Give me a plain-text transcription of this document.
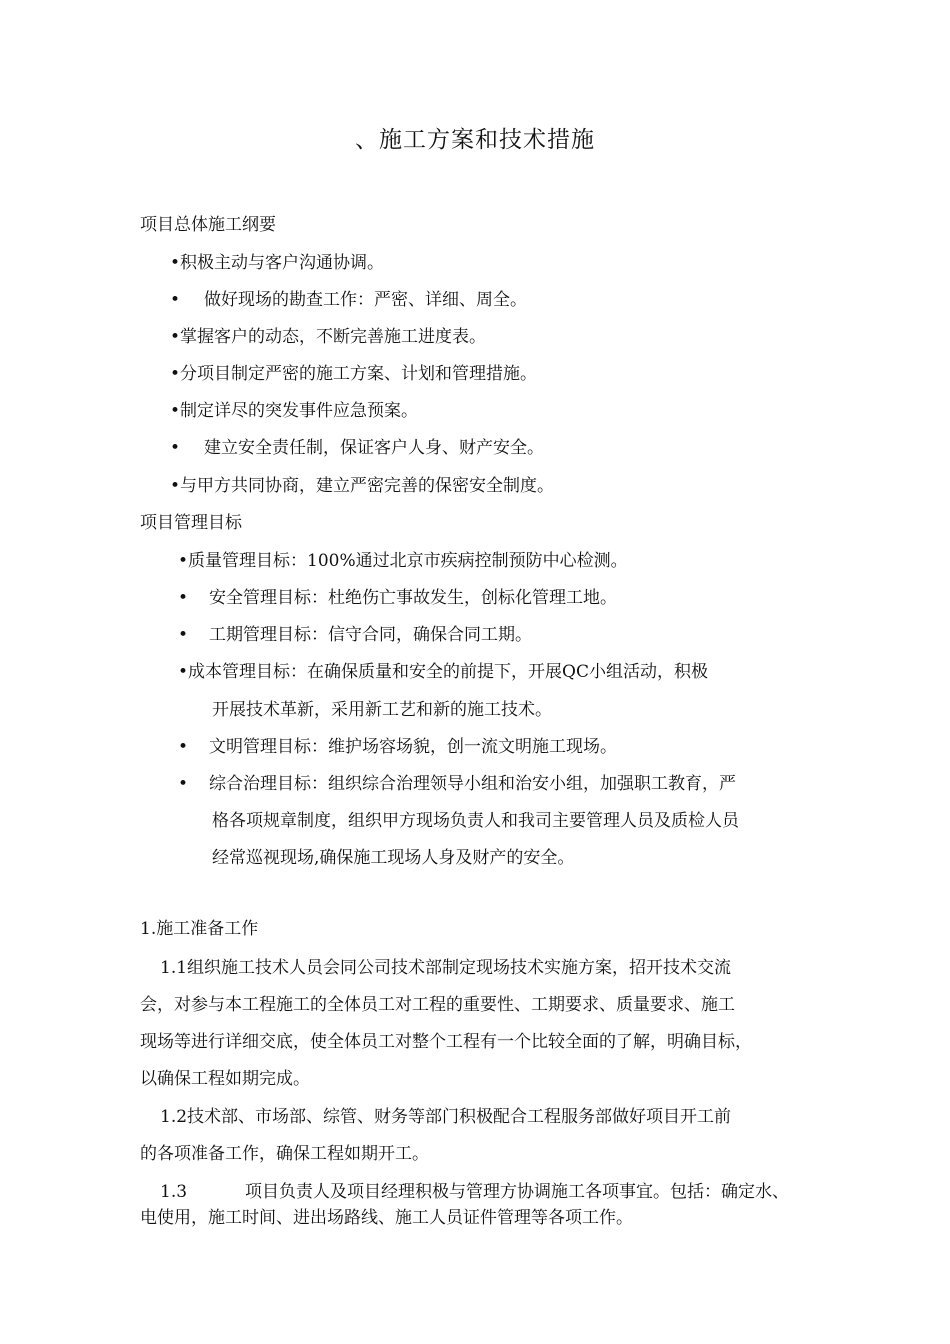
、施工方案和技术措施
项目总体施工纲要
•积极主动与客户沟通协调。
• 做好现场的勘查工作：严密、详细、周全。
•掌握客户的动态，不断完善施工进度表。
•分项目制定严密的施工方案、计划和管理措施。
•制定详尽的突发事件应急预案。
• 建立安全责任制，保证客户人身、财产安全。
•与甲方共同协商，建立严密完善的保密安全制度。
项目管理目标
•质量管理目标：100%通过北京市疾病控制预防中心检测。
• 安全管理目标：杜绝伤亡事故发生，创标化管理工地。
• 工期管理目标：信守合同，确保合同工期。
•成本管理目标：在确保质量和安全的前提下，开展QC小组活动，积极
开展技术革新，采用新工艺和新的施工技术。
• 文明管理目标：维护场容场貌，创一流文明施工现场。
• 综合治理目标：组织综合治理领导小组和治安小组，加强职工教育，严
格各项规章制度，组织甲方现场负责人和我司主要管理人员及质检人员
经常巡视现场,确保施工现场人身及财产的安全。
1.施工准备工作
1.1组织施工技术人员会同公司技术部制定现场技术实施方案，招开技术交流
会，对参与本工程施工的全体员工对工程的重要性、工期要求、质量要求、施工
现场等进行详细交底，使全体员工对整个工程有一个比较全面的了解，明确目标，
以确保工程如期完成。
1.2技术部、市场部、综管、财务等部门积极配合工程服务部做好项目开工前
的各项准备工作，确保工程如期开工。
1.3	项目负责人及项目经理积极与管理方协调施工各项事宜。包括：确定水、
电使用，施工时间、进出场路线、施工人员证件管理等各项工作。
